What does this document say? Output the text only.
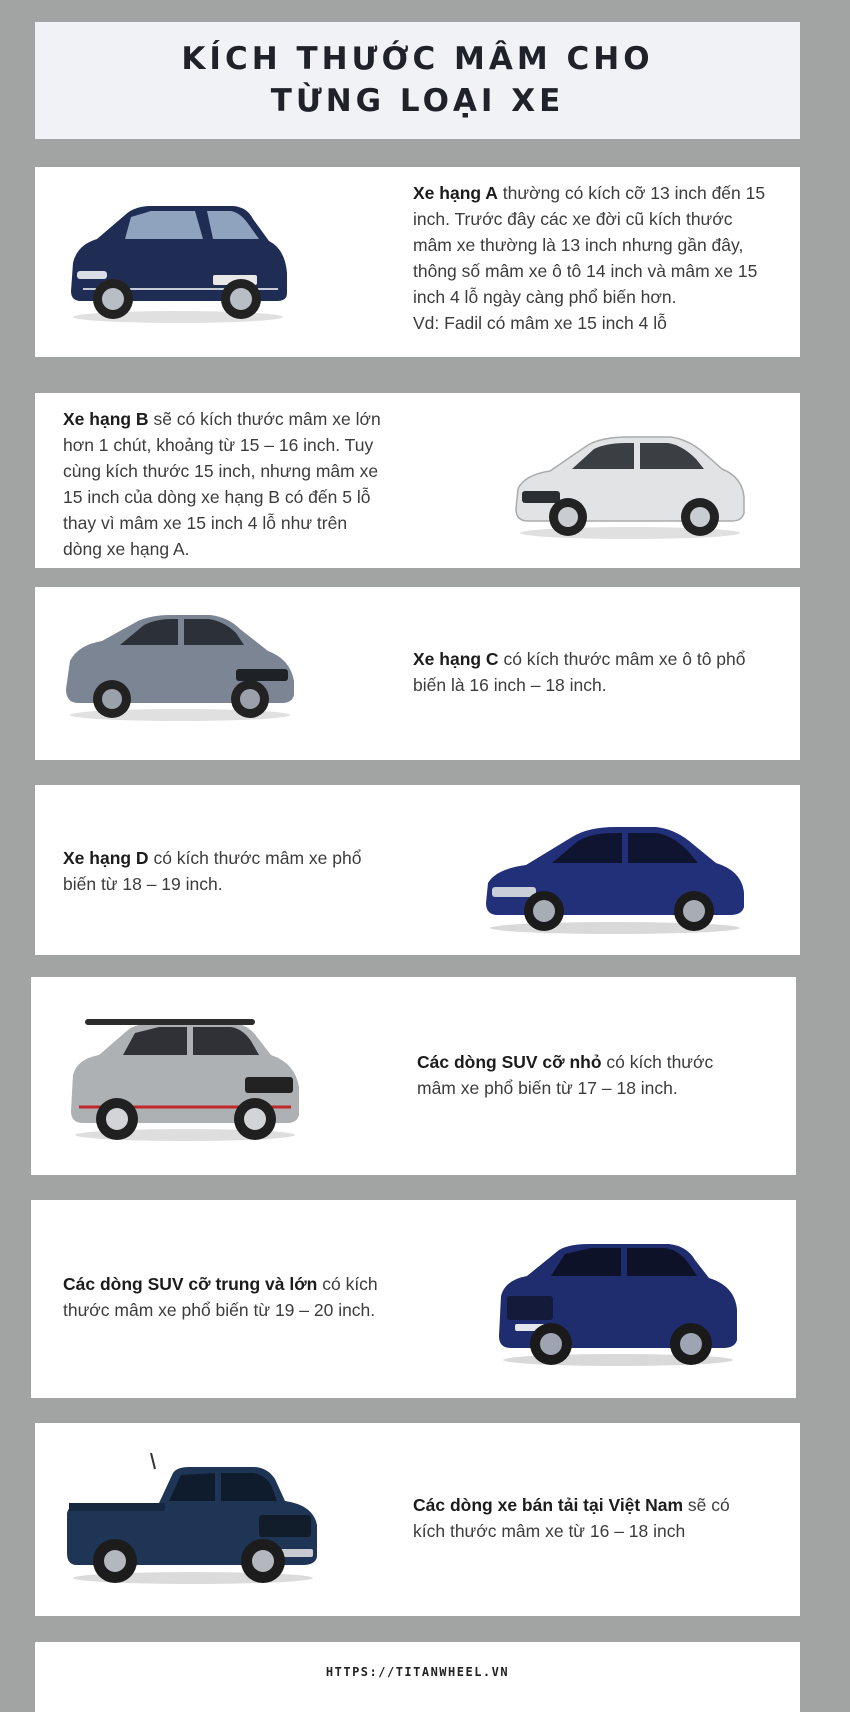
KÍCH THƯỚC MÂM CHO
TỪNG LOẠI XE

Xe hạng A thường có kích cỡ 13 inch đến 15 inch. Trước đây các xe đời cũ kích thước mâm xe thường là 13 inch nhưng gần đây, thông số mâm xe ô tô 14 inch và mâm xe 15 inch 4 lỗ ngày càng phổ biến hơn.

Vd: Fadil có mâm xe 15 inch 4 lỗ

Xe hạng B sẽ có kích thước mâm xe lớn hơn 1 chút, khoảng từ 15 – 16 inch. Tuy cùng kích thước 15 inch, nhưng mâm xe 15 inch của dòng xe hạng B có đến 5 lỗ thay vì mâm xe 15 inch 4 lỗ như trên dòng xe hạng A.

Xe hạng C có kích thước mâm xe ô tô phổ biến là 16 inch – 18 inch.

Xe hạng D có kích thước mâm xe phổ biến từ 18 – 19 inch.

Các dòng SUV cỡ nhỏ có kích thước mâm xe phổ biến từ 17 – 18 inch.

Các dòng SUV cỡ trung và lớn có kích thước mâm xe phổ biến từ 19 – 20 inch.

Các dòng xe bán tải tại Việt Nam sẽ có kích thước mâm xe từ 16 – 18 inch

HTTPS://TITANWHEEL.VN
